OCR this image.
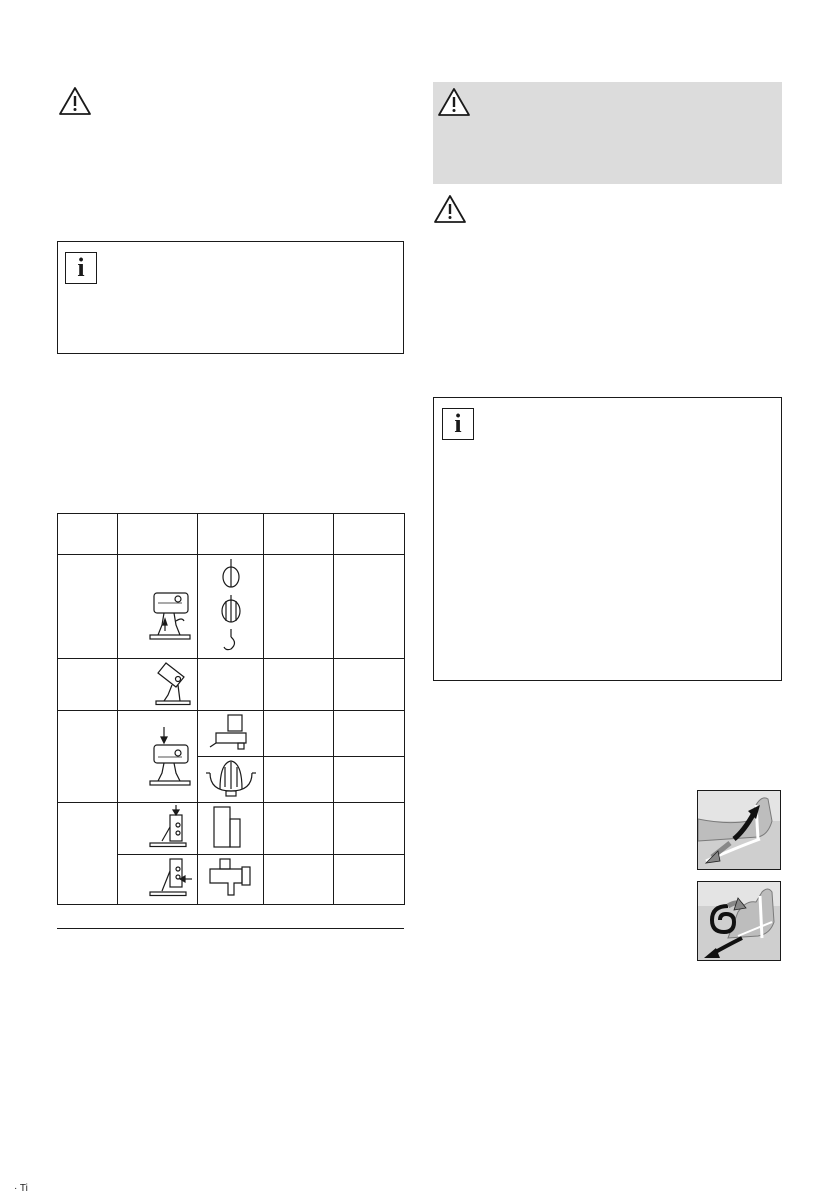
i

i
· Ti
